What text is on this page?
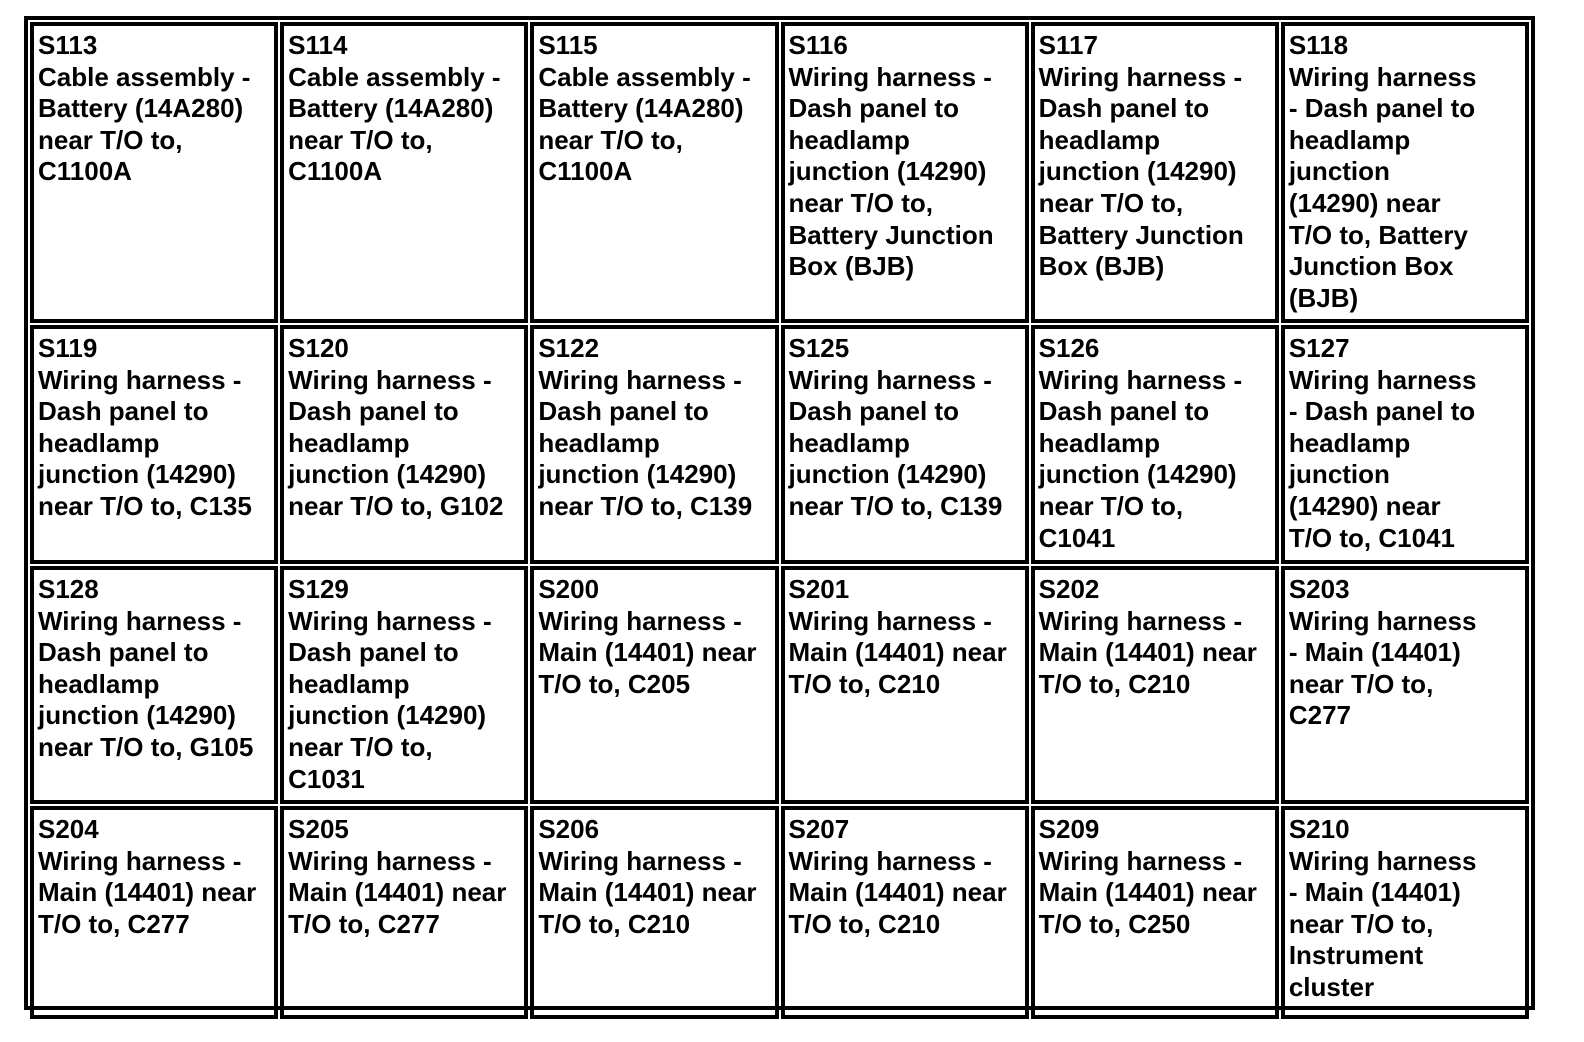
S113
Cable assembly -
Battery (14A280)
near T/O to,
C1100A
S114
Cable assembly -
Battery (14A280)
near T/O to,
C1100A
S115
Cable assembly -
Battery (14A280)
near T/O to,
C1100A
S116
Wiring harness -
Dash panel to
headlamp
junction (14290)
near T/O to,
Battery Junction
Box (BJB)
S117
Wiring harness -
Dash panel to
headlamp
junction (14290)
near T/O to,
Battery Junction
Box (BJB)
S118
Wiring harness
- Dash panel to
headlamp
junction
(14290) near
T/O to, Battery
Junction Box
(BJB)
S119
Wiring harness -
Dash panel to
headlamp
junction (14290)
near T/O to, C135
S120
Wiring harness -
Dash panel to
headlamp
junction (14290)
near T/O to, G102
S122
Wiring harness -
Dash panel to
headlamp
junction (14290)
near T/O to, C139
S125
Wiring harness -
Dash panel to
headlamp
junction (14290)
near T/O to, C139
S126
Wiring harness -
Dash panel to
headlamp
junction (14290)
near T/O to,
C1041
S127
Wiring harness
- Dash panel to
headlamp
junction
(14290) near
T/O to, C1041
S128
Wiring harness -
Dash panel to
headlamp
junction (14290)
near T/O to, G105
S129
Wiring harness -
Dash panel to
headlamp
junction (14290)
near T/O to,
C1031
S200
Wiring harness -
Main (14401) near
T/O to, C205
S201
Wiring harness -
Main (14401) near
T/O to, C210
S202
Wiring harness -
Main (14401) near
T/O to, C210
S203
Wiring harness
- Main (14401)
near T/O to,
C277
S204
Wiring harness -
Main (14401) near
T/O to, C277
S205
Wiring harness -
Main (14401) near
T/O to, C277
S206
Wiring harness -
Main (14401) near
T/O to, C210
S207
Wiring harness -
Main (14401) near
T/O to, C210
S209
Wiring harness -
Main (14401) near
T/O to, C250
S210
Wiring harness
- Main (14401)
near T/O to,
Instrument
cluster
